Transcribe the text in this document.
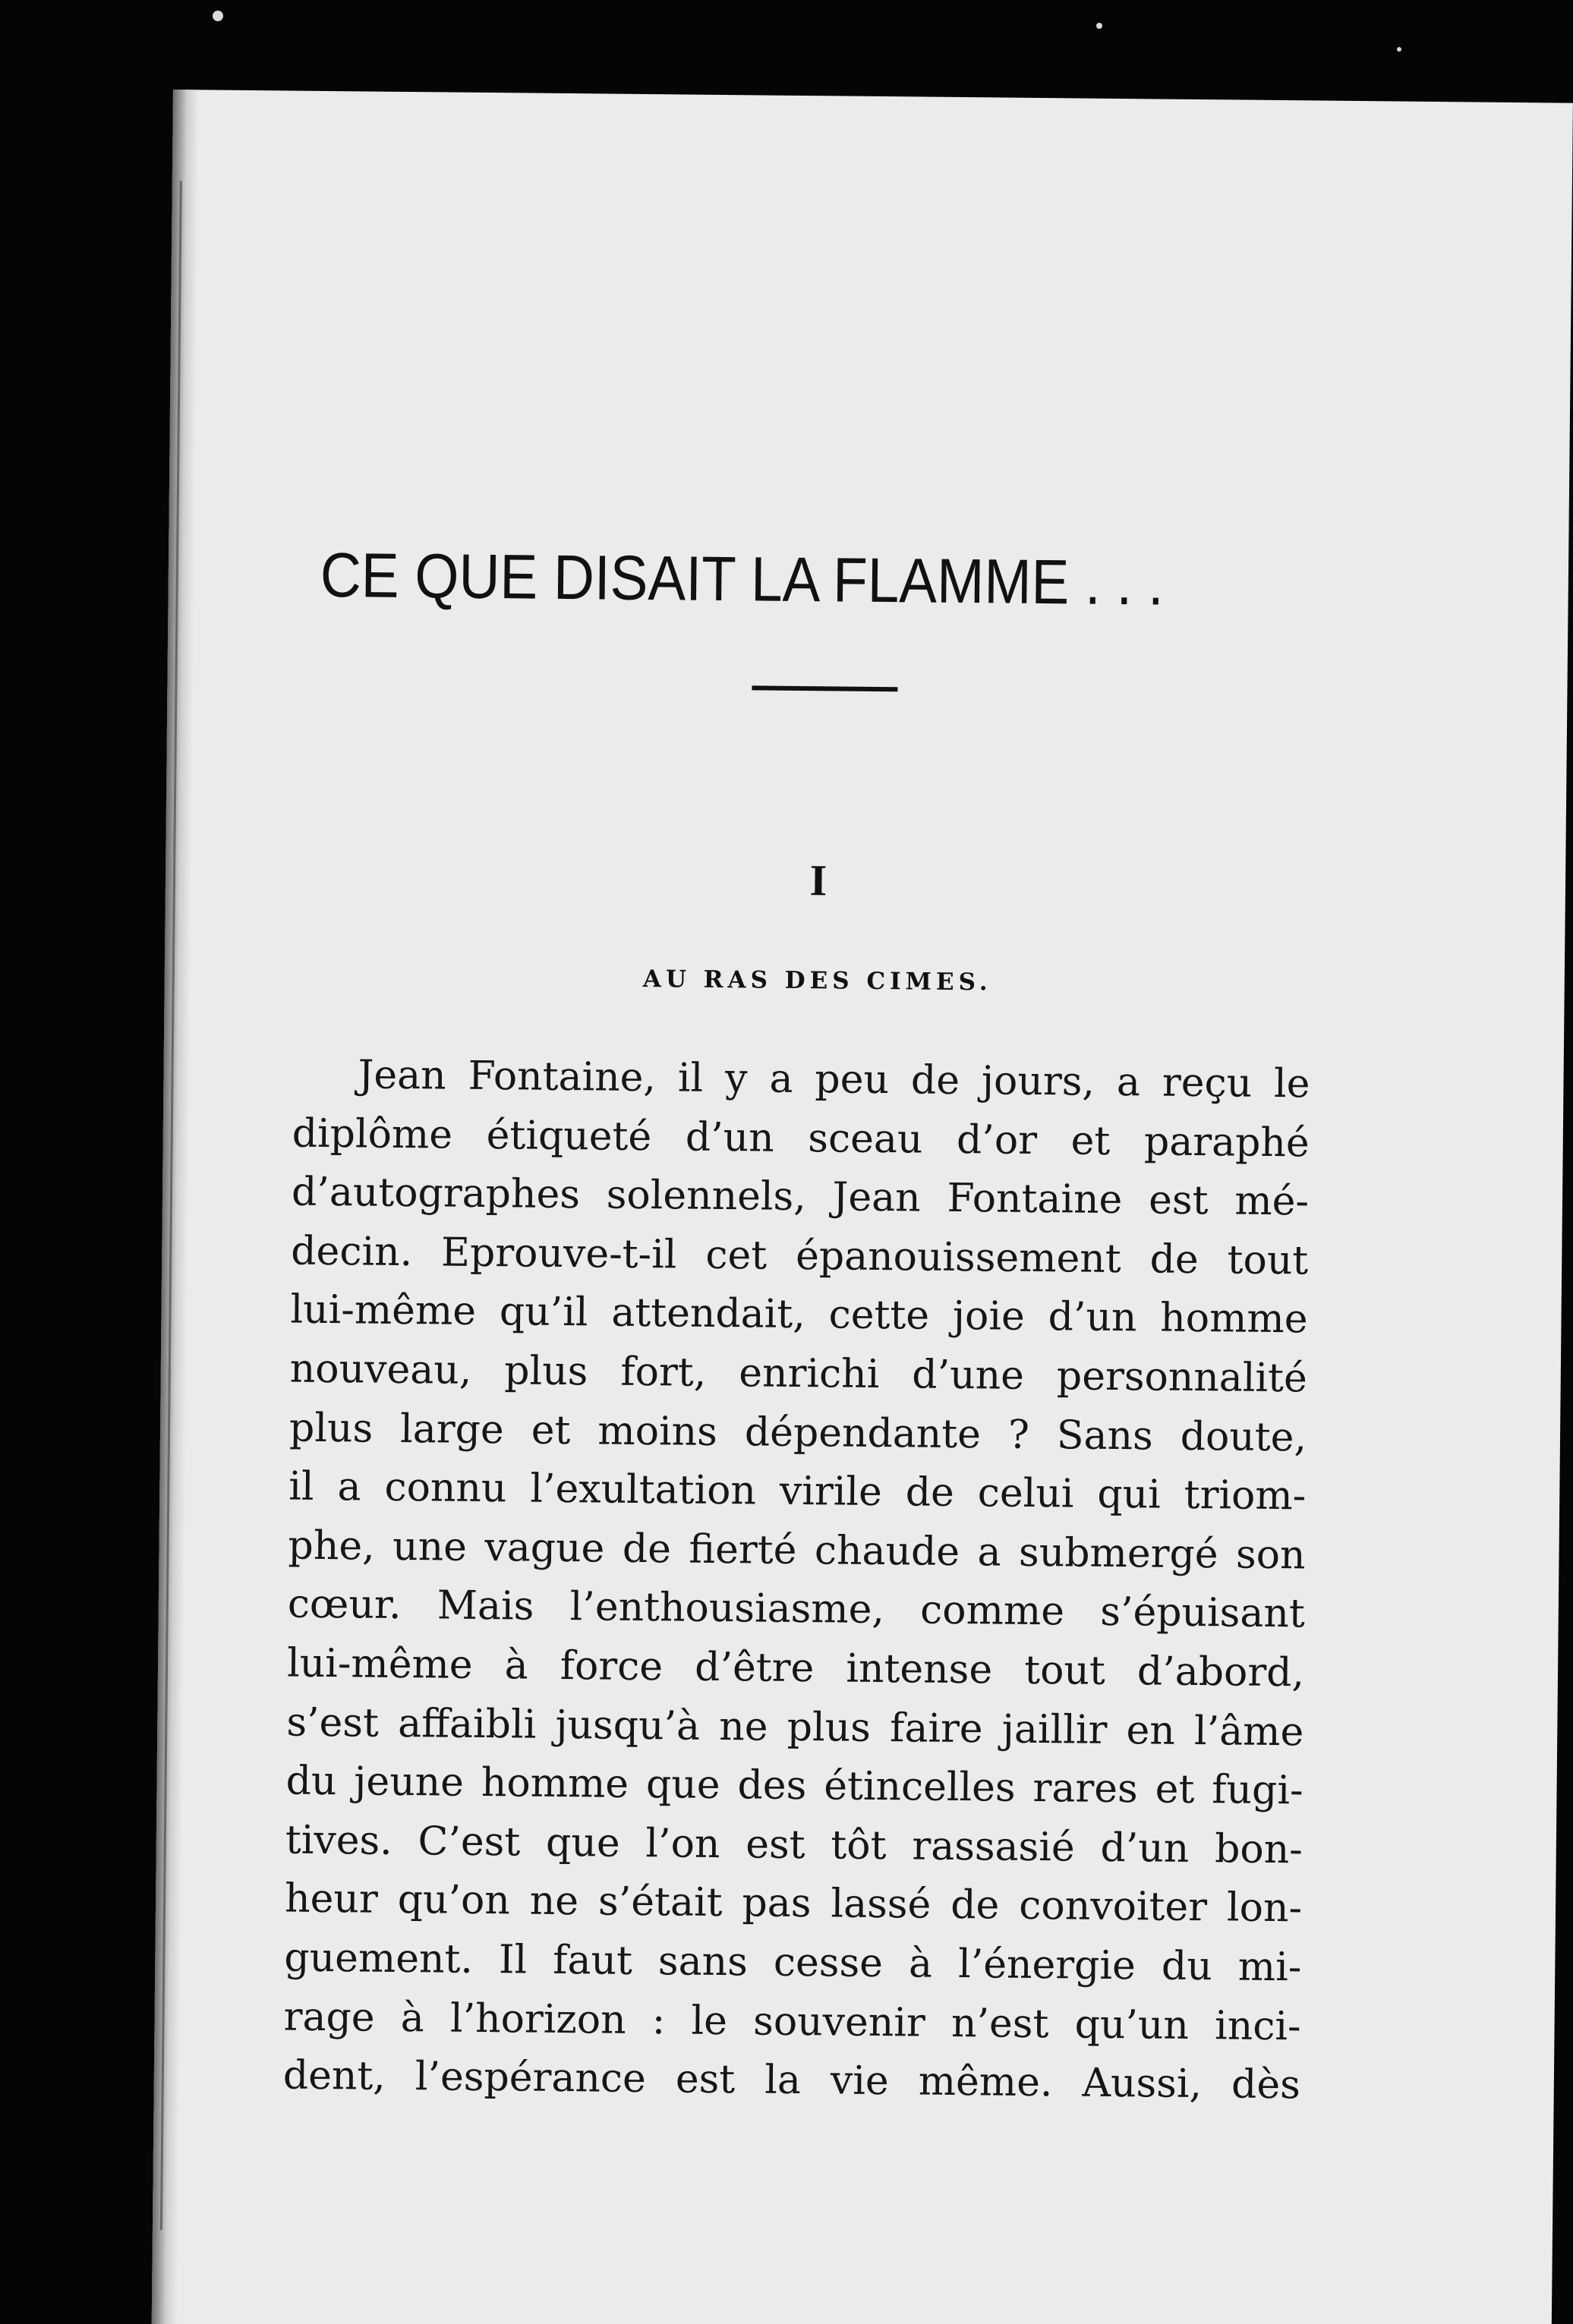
CE QUE DISAIT LA FLAMME . . .
I
AU RAS DES CIMES.
Jean Fontaine, il y a peu de jours, a reçu le
diplôme étiqueté d’un sceau d’or et paraphé
d’autographes solennels, Jean Fontaine est mé-
decin. Eprouve-t-il cet épanouissement de tout
lui-même qu’il attendait, cette joie d’un homme
nouveau, plus fort, enrichi d’une personnalité
plus large et moins dépendante ? Sans doute,
il a connu l’exultation virile de celui qui triom-
phe, une vague de fierté chaude a submergé son
cœur. Mais l’enthousiasme, comme s’épuisant
lui-même à force d’être intense tout d’abord,
s’est affaibli jusqu’à ne plus faire jaillir en l’âme
du jeune homme que des étincelles rares et fugi-
tives. C’est que l’on est tôt rassasié d’un bon-
heur qu’on ne s’était pas lassé de convoiter lon-
guement. Il faut sans cesse à l’énergie du mi-
rage à l’horizon : le souvenir n’est qu’un inci-
dent, l’espérance est la vie même. Aussi, dès
